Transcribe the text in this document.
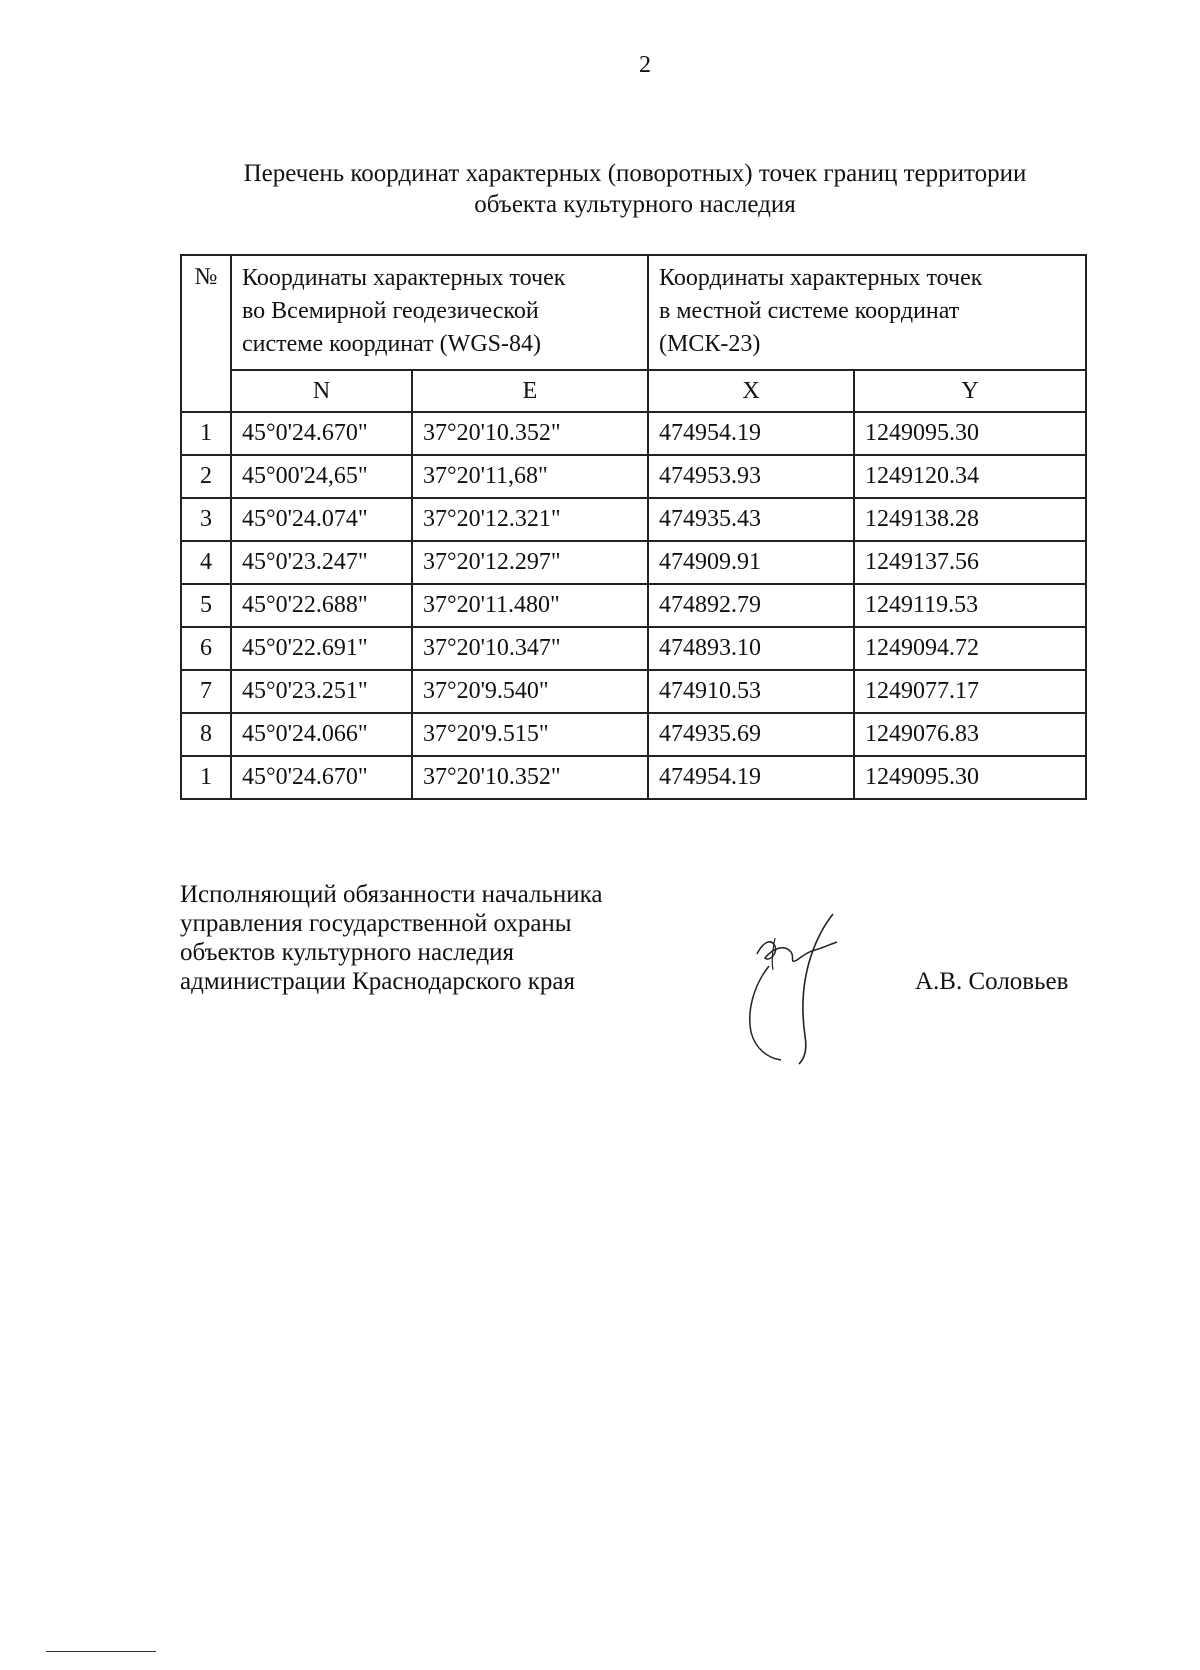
2
Перечень координат характерных (поворотных) точек границ территории
объекта культурного наследия
№	Координаты характерных точек
во Всемирной геодезической
системе координат (WGS-84)		Координаты характерных точек
в местной системе координат
(МСК-23)	

	N	E	X	Y
1	45°0'24.670"	37°20'10.352"	474954.19	1249095.30
2	45°00'24,65"	37°20'11,68"	474953.93	1249120.34
3	45°0'24.074"	37°20'12.321"	474935.43	1249138.28
4	45°0'23.247"	37°20'12.297"	474909.91	1249137.56
5	45°0'22.688"	37°20'11.480"	474892.79	1249119.53
6	45°0'22.691"	37°20'10.347"	474893.10	1249094.72
7	45°0'23.251"	37°20'9.540"	474910.53	1249077.17
8	45°0'24.066"	37°20'9.515"	474935.69	1249076.83
1	45°0'24.670"	37°20'10.352"	474954.19	1249095.30
Исполняющий обязанности начальника
управления государственной охраны
объектов культурного наследия
администрации Краснодарского края	А.В. Соловьев
